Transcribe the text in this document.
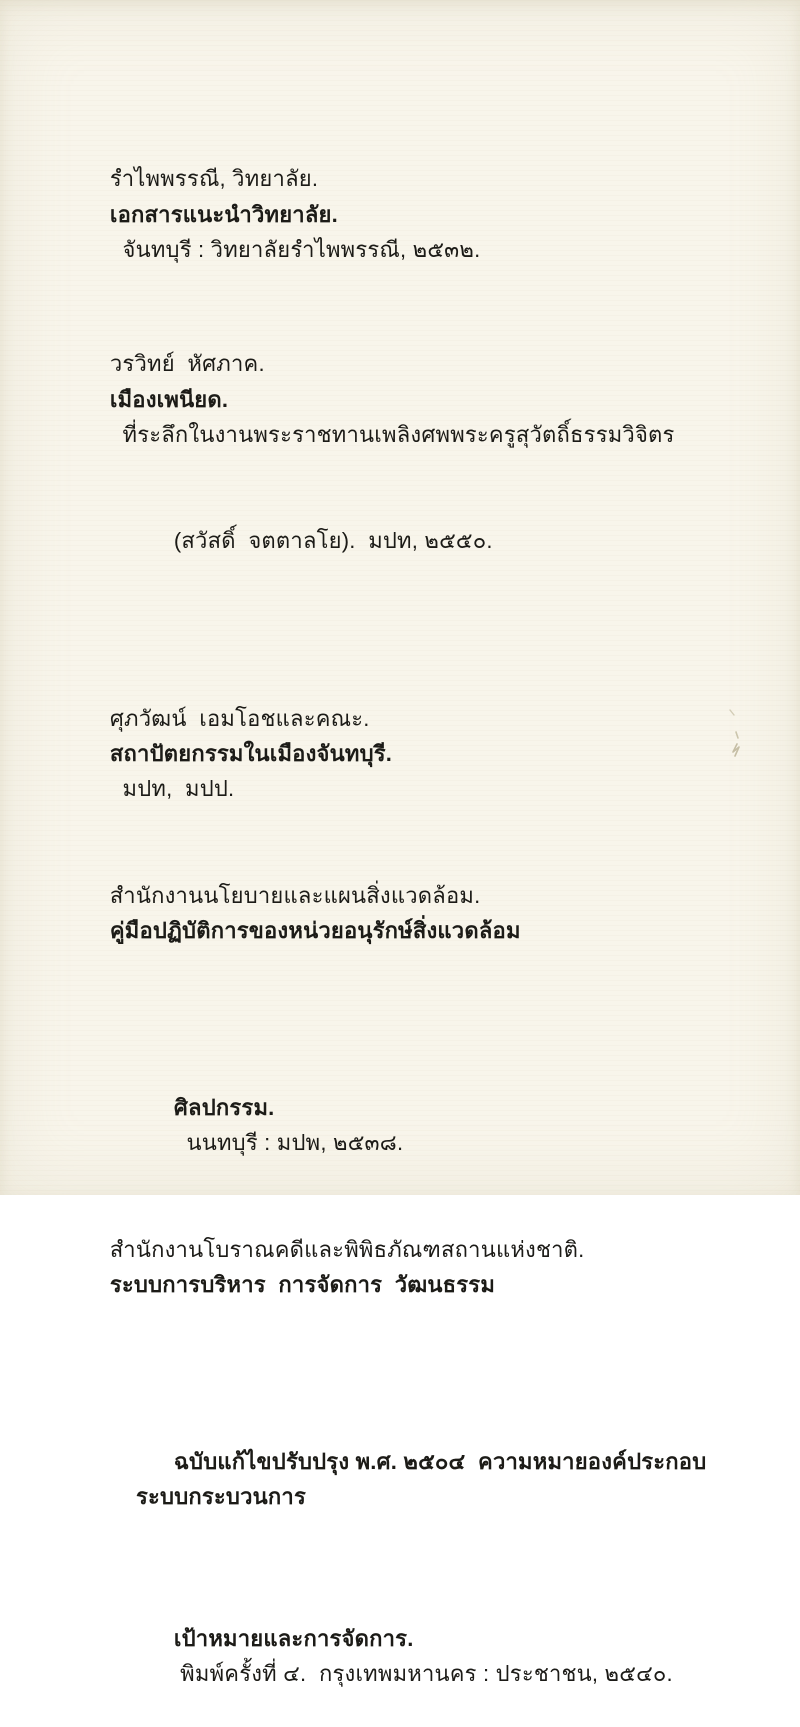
รำไพพรรณี, วิทยาลัย.
เอกสารแนะนำวิทยาลัย.
จันทบุรี : วิทยาลัยรำไพพรรณี, ๒๕๓๒.

วรวิทย์  หัศภาค.
เมืองเพนียด.
ที่ระลึกในงานพระราชทานเพลิงศพพระครูสุวัตถิ์ธรรมวิจิตร

(สวัสดิ์  จตตาลโย).  มปท, ๒๕๕๐.

ศุภวัฒน์  เอมโอชและคณะ.
สถาปัตยกรรมในเมืองจันทบุรี.
มปท,  มปป.

สำนักงานนโยบายและแผนสิ่งแวดล้อม.
คู่มือปฏิบัติการของหน่วยอนุรักษ์สิ่งแวดล้อม

ศิลปกรรม.
นนทบุรี : มปพ, ๒๕๓๘.

สำนักงานโบราณคดีและพิพิธภัณฑสถานแห่งชาติ.
ระบบการบริหาร  การจัดการ  วัฒนธรรม

ฉบับแก้ไขปรับปรุง พ.ศ. ๒๕๐๔  ความหมายองค์ประกอบ  ระบบกระบวนการ

เป้าหมายและการจัดการ.
พิมพ์ครั้งที่ ๔.  กรุงเทพมหานคร : ประชาชน, ๒๕๔๐.
